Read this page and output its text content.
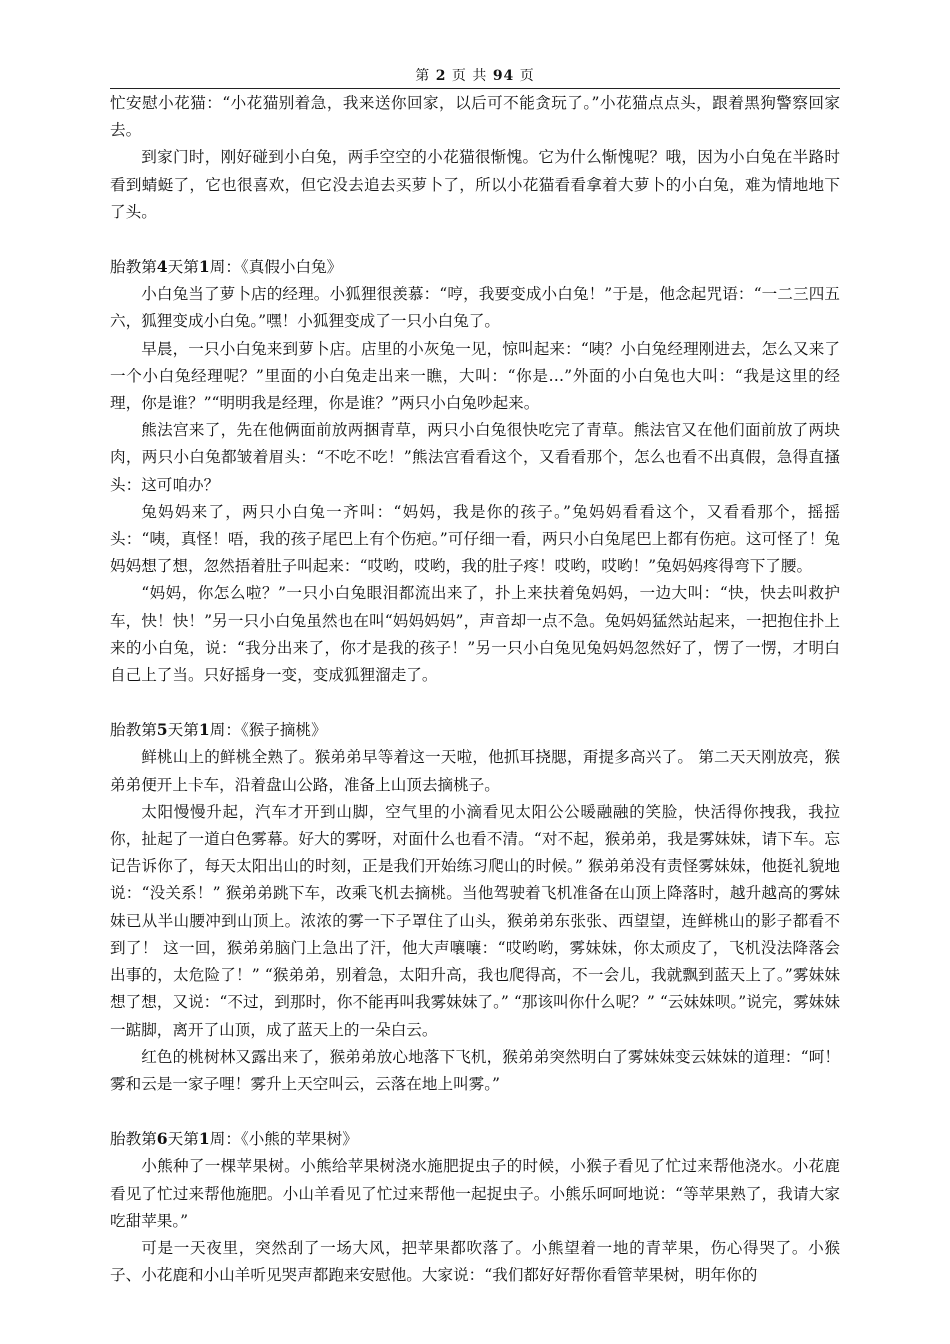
第 2 页 共 94 页

忙安慰小花猫：“小花猫别着急，我来送你回家，以后可不能贪玩了。”小花猫点点头，跟着黑狗警察回家去。

到家门时，刚好碰到小白兔，两手空空的小花猫很惭愧。它为什么惭愧呢？哦，因为小白兔在半路时看到蜻蜓了，它也很喜欢，但它没去追去买萝卜了，所以小花猫看看拿着大萝卜的小白兔，难为情地地下了头。

胎教第4天第1周：《真假小白兔》

小白兔当了萝卜店的经理。小狐狸很羡慕：“哼，我要变成小白兔！”于是，他念起咒语：“一二三四五六，狐狸变成小白兔。”嘿！小狐狸变成了一只小白兔了。

早晨，一只小白兔来到萝卜店。店里的小灰兔一见，惊叫起来：“咦？小白兔经理刚进去，怎么又来了一个小白兔经理呢？”里面的小白兔走出来一瞧，大叫：“你是…”外面的小白兔也大叫：“我是这里的经理，你是谁？”“明明我是经理，你是谁？”两只小白兔吵起来。

熊法宫来了，先在他俩面前放两捆青草，两只小白兔很快吃完了青草。熊法官又在他们面前放了两块肉，两只小白兔都皱着眉头：“不吃不吃！”熊法宫看看这个，又看看那个，怎么也看不出真假，急得直搔头：这可咱办？

兔妈妈来了，两只小白兔一齐叫：“妈妈，我是你的孩子。”兔妈妈看看这个，又看看那个，摇摇头：“咦，真怪！唔，我的孩子尾巴上有个伤疤。”可仔细一看，两只小白兔尾巴上都有伤疤。这可怪了！兔妈妈想了想，忽然捂着肚子叫起来：“哎哟，哎哟，我的肚子疼！哎哟，哎哟！”兔妈妈疼得弯下了腰。

“妈妈，你怎么啦？”一只小白兔眼泪都流出来了，扑上来扶着兔妈妈，一边大叫：“快，快去叫救护车，快！快！”另一只小白兔虽然也在叫“妈妈妈妈”，声音却一点不急。兔妈妈猛然站起来，一把抱住扑上来的小白兔，说：“我分出来了，你才是我的孩子！”另一只小白兔见兔妈妈忽然好了，愣了一愣，才明白自己上了当。只好摇身一变，变成狐狸溜走了。

胎教第5天第1周：《猴子摘桃》

鲜桃山上的鲜桃全熟了。猴弟弟早等着这一天啦，他抓耳挠腮，甭提多高兴了。 第二天天刚放亮，猴弟弟便开上卡车，沿着盘山公路，准备上山顶去摘桃子。

太阳慢慢升起，汽车才开到山脚，空气里的小滴看见太阳公公暖融融的笑脸，快活得你拽我，我拉你，扯起了一道白色雾幕。好大的雾呀，对面什么也看不清。“对不起，猴弟弟，我是雾妹妹，请下车。忘记告诉你了，每天太阳出山的时刻，正是我们开始练习爬山的时候。” 猴弟弟没有责怪雾妹妹，他挺礼貌地说：“没关系！” 猴弟弟跳下车，改乘飞机去摘桃。当他驾驶着飞机准备在山顶上降落时，越升越高的雾妹妹已从半山腰冲到山顶上。浓浓的雾一下子罩住了山头，猴弟弟东张张、西望望，连鲜桃山的影子都看不到了！ 这一回，猴弟弟脑门上急出了汗，他大声嚷嚷：“哎哟哟，雾妹妹，你太顽皮了，飞机没法降落会出事的，太危险了！” “猴弟弟，别着急，太阳升高，我也爬得高，不一会儿，我就飘到蓝天上了。”雾妹妹想了想，又说：“不过，到那时，你不能再叫我雾妹妹了。” “那该叫你什么呢？” “云妹妹呗。”说完，雾妹妹一踮脚，离开了山顶，成了蓝天上的一朵白云。

红色的桃树林又露出来了，猴弟弟放心地落下飞机，猴弟弟突然明白了雾妹妹变云妹妹的道理：“呵！雾和云是一家子哩！雾升上天空叫云，云落在地上叫雾。”

胎教第6天第1周：《小熊的苹果树》

小熊种了一棵苹果树。小熊给苹果树浇水施肥捉虫子的时候，小猴子看见了忙过来帮他浇水。小花鹿看见了忙过来帮他施肥。小山羊看见了忙过来帮他一起捉虫子。小熊乐呵呵地说：“等苹果熟了，我请大家吃甜苹果。”

可是一天夜里，突然刮了一场大风，把苹果都吹落了。小熊望着一地的青苹果，伤心得哭了。小猴子、小花鹿和小山羊听见哭声都跑来安慰他。大家说：“我们都好好帮你看管苹果树，明年你的
